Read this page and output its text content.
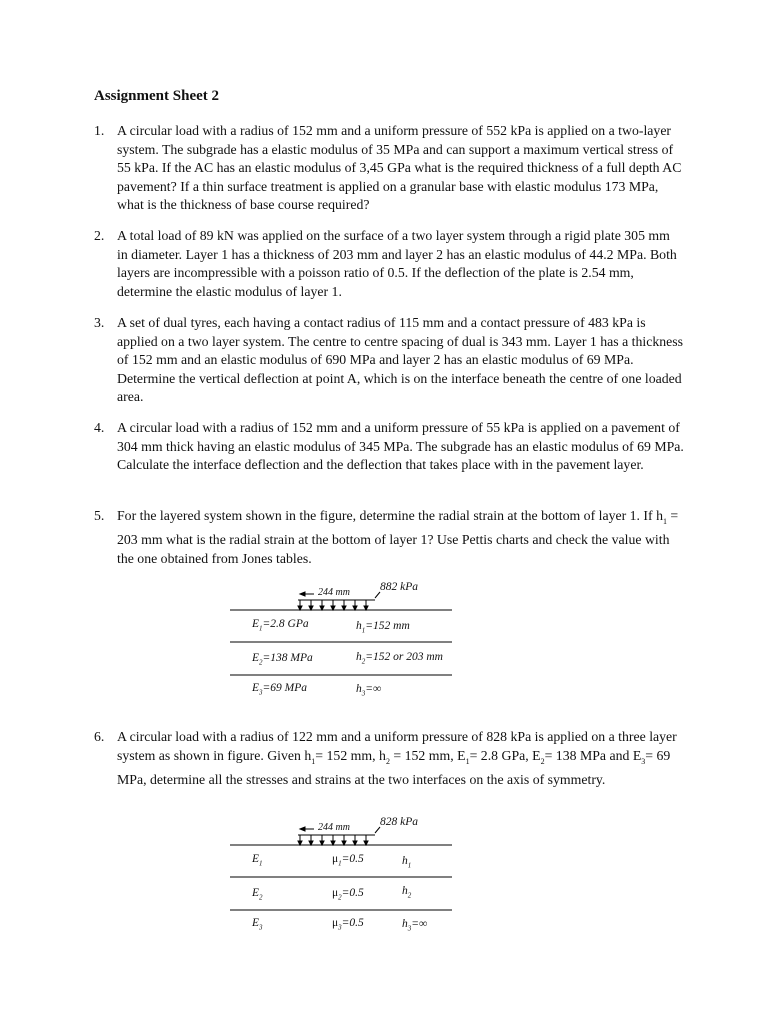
Assignment Sheet 2
1. A circular load with a radius of 152 mm and a uniform pressure of 552 kPa is applied on a two-layer system. The subgrade has a elastic modulus of 35 MPa and can support a maximum vertical stress of 55 kPa. If the AC has an elastic modulus of 3,45 GPa what is the required thickness of a full depth AC pavement? If a thin surface treatment is applied on a granular base with elastic modulus 173 MPa, what is the thickness of base course required?
2. A total load of 89 kN was applied on the surface of a two layer system through a rigid plate 305 mm in diameter. Layer 1 has a thickness of 203 mm and layer 2 has an elastic modulus of 44.2 MPa. Both layers are incompressible with a poisson ratio of 0.5. If the deflection of the plate is 2.54 mm, determine the elastic modulus of layer 1.
3. A set of dual tyres, each having a contact radius of 115 mm and a contact pressure of 483 kPa is applied on a two layer system. The centre to centre spacing of dual is 343 mm. Layer 1 has a thickness of 152 mm and an elastic modulus of 690 MPa and layer 2 has an elastic modulus of 69 MPa. Determine the vertical deflection at point A, which is on the interface beneath the centre of one loaded area.
4. A circular load with a radius of 152 mm and a uniform pressure of 55 kPa is applied on a pavement of 304 mm thick having an elastic modulus of 345 MPa. The subgrade has an elastic modulus of 69 MPa. Calculate the interface deflection and the deflection that takes place with in the pavement layer.
5. For the layered system shown in the figure, determine the radial strain at the bottom of layer 1. If $h_1 = 203$ mm what is the radial strain at the bottom of layer 1? Use Pettis charts and check the value with the one obtained from Jones tables.
244 mm	882 kPa
$E_1=2.8$ GPa	$h_1=152$ mm
$E_2=138$ MPa	$h_2=152$ or 203 mm
$E_3=69$ MPa	$h_3=\infty$
6. A circular load with a radius of 122 mm and a uniform pressure of 828 kPa is applied on a three layer system as shown in figure. Given $h_1= 152$ mm, $h_2 = 152$ mm, $E_1= 2.8$ GPa, $E_2= 138$ MPa and $E_3= 69$ MPa, determine all the stresses and strains at the two interfaces on the axis of symmetry.
244 mm	828 kPa
$E_1$	$\mu_1=0.5$	$h_1$
$E_2$	$\mu_2=0.5$	$h_2$
$E_3$	$\mu_3=0.5$	$h_3=\infty$
